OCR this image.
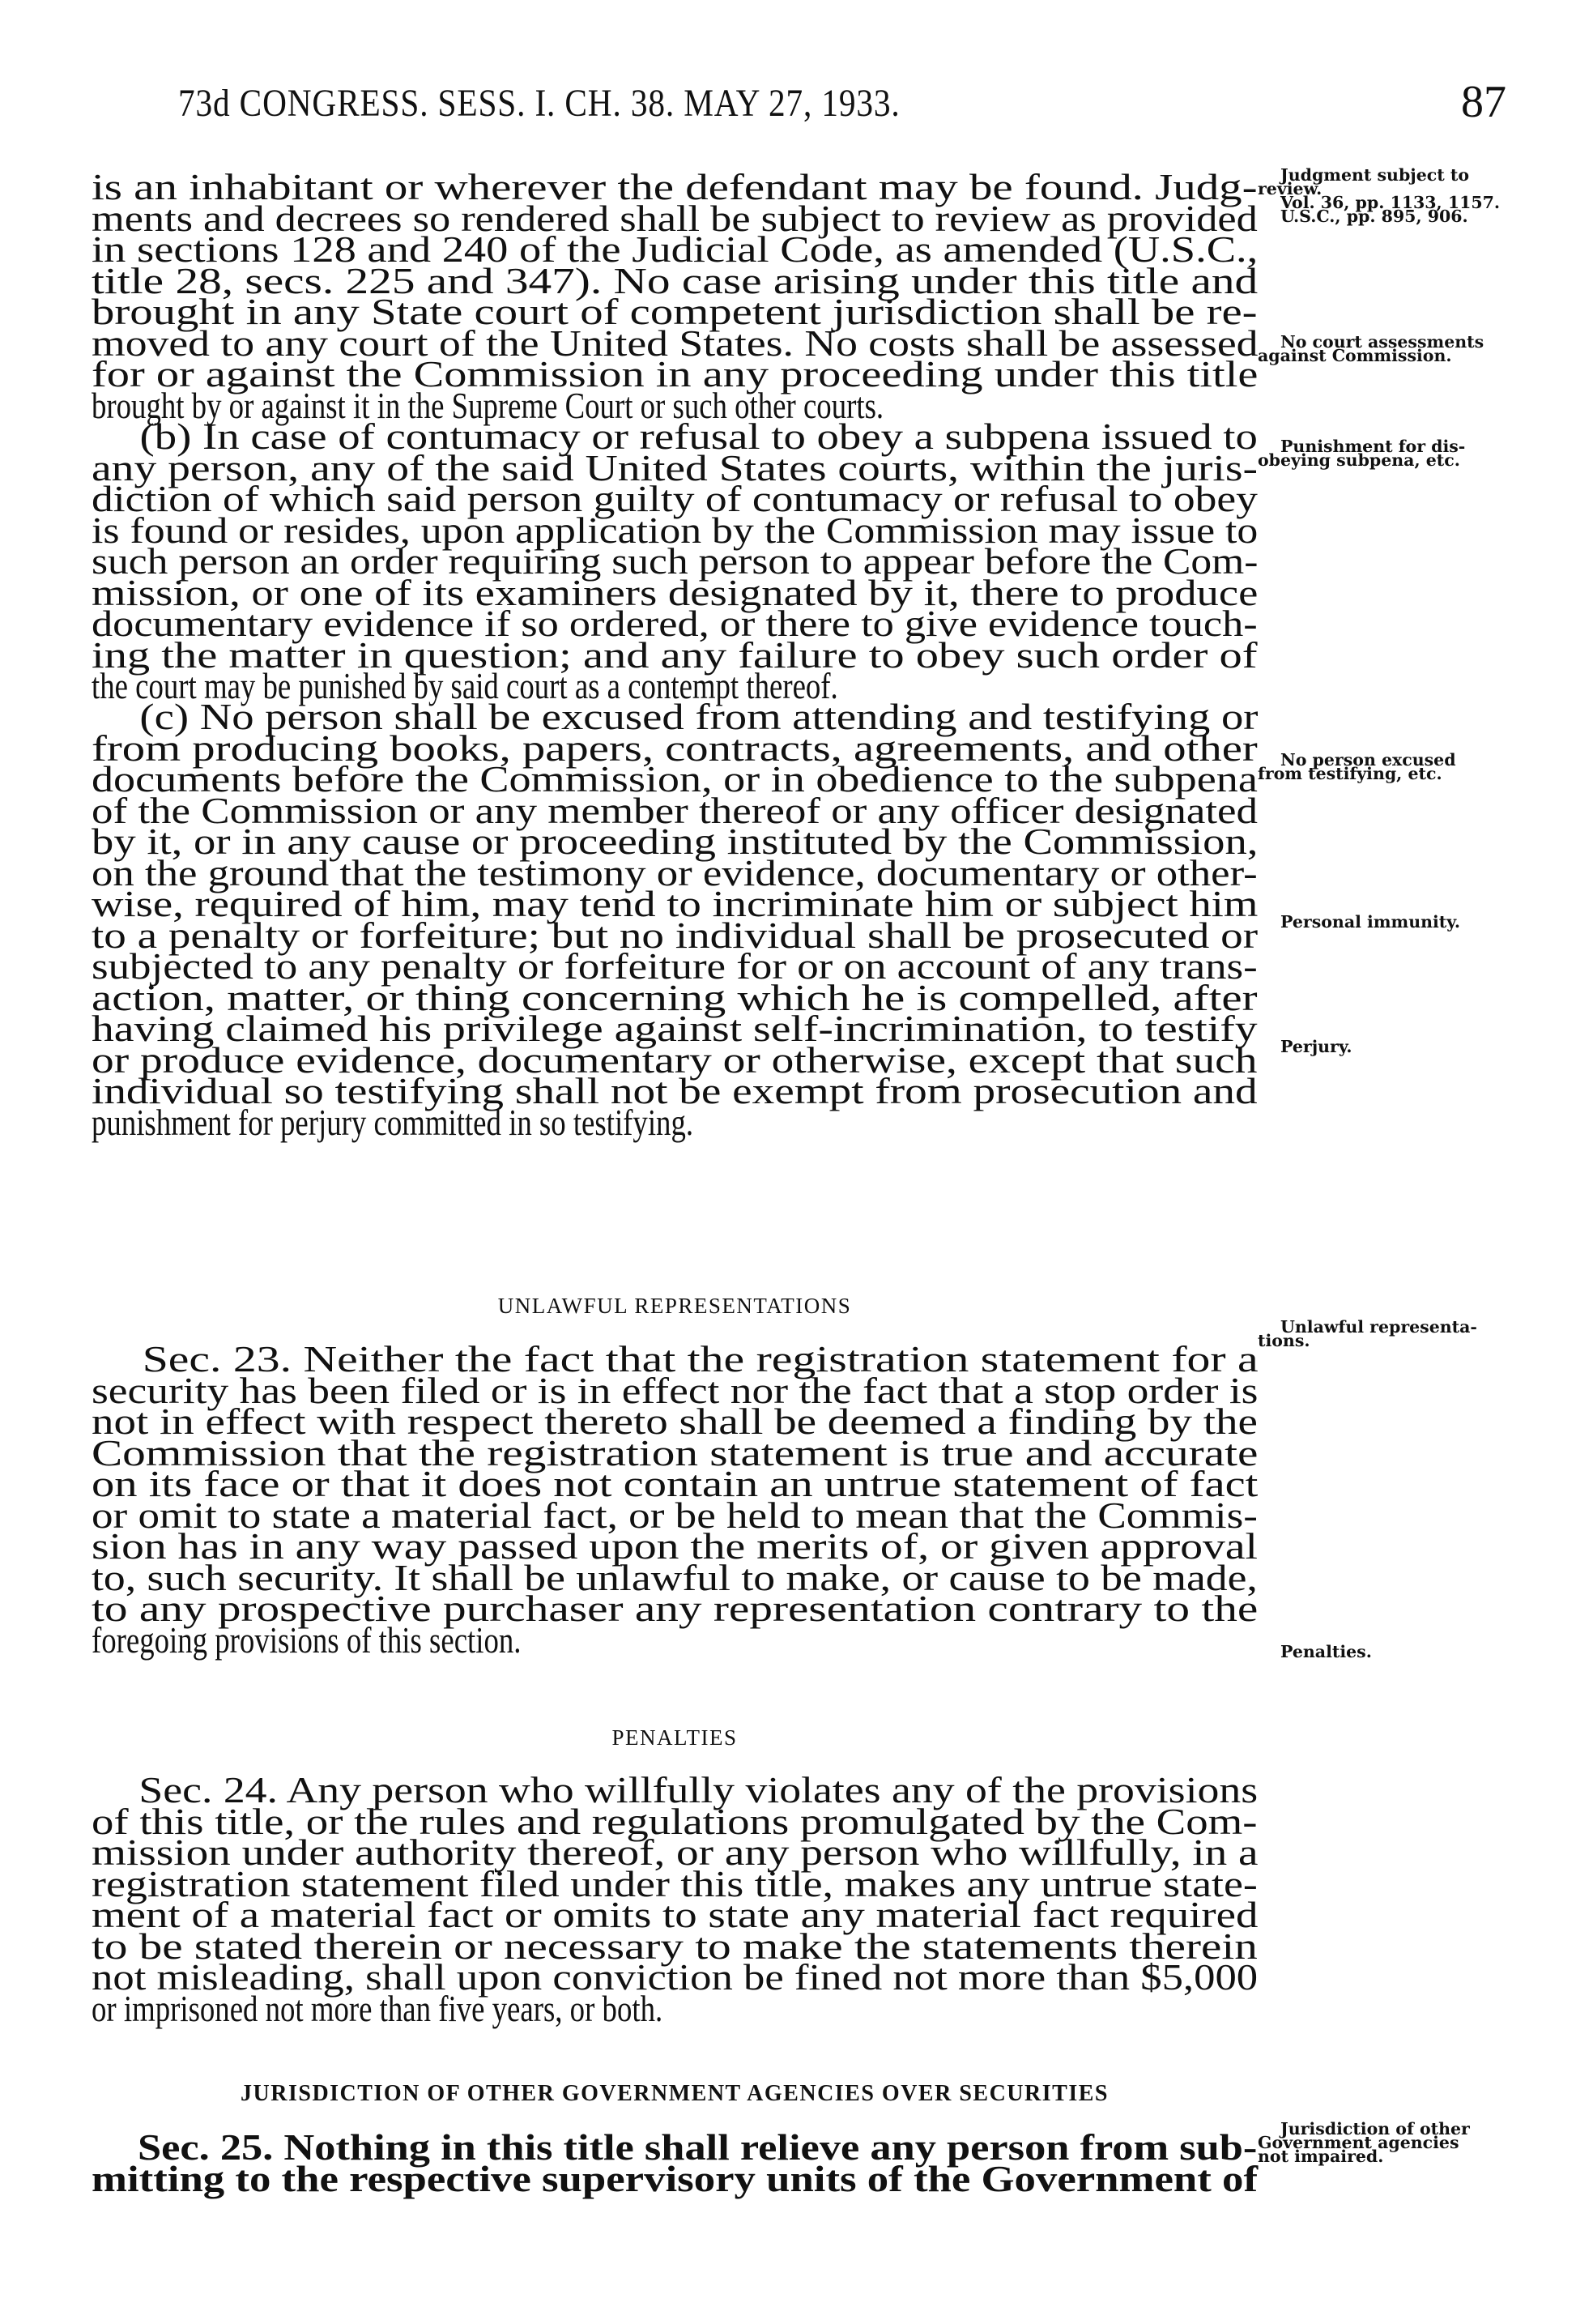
73d CONGRESS. SESS. I. CH. 38. MAY 27, 1933.	87
is an inhabitant or wherever the defendant may be found. Judg-
ments and decrees so rendered shall be subject to review as provided
in sections 128 and 240 of the Judicial Code, as amended (U.S.C.,
title 28, secs. 225 and 347). No case arising under this title and
brought in any State court of competent jurisdiction shall be re-
moved to any court of the United States. No costs shall be assessed
for or against the Commission in any proceeding under this title
brought by or against it in the Supreme Court or such other courts.
(b) In case of contumacy or refusal to obey a subpena issued to
any person, any of the said United States courts, within the juris-
diction of which said person guilty of contumacy or refusal to obey
is found or resides, upon application by the Commission may issue to
such person an order requiring such person to appear before the Com-
mission, or one of its examiners designated by it, there to produce
documentary evidence if so ordered, or there to give evidence touch-
ing the matter in question; and any failure to obey such order of
the court may be punished by said court as a contempt thereof.
(c) No person shall be excused from attending and testifying or
from producing books, papers, contracts, agreements, and other
documents before the Commission, or in obedience to the subpena
of the Commission or any member thereof or any officer designated
by it, or in any cause or proceeding instituted by the Commission,
on the ground that the testimony or evidence, documentary or other-
wise, required of him, may tend to incriminate him or subject him
to a penalty or forfeiture; but no individual shall be prosecuted or
subjected to any penalty or forfeiture for or on account of any trans-
action, matter, or thing concerning which he is compelled, after
having claimed his privilege against self-incrimination, to testify
or produce evidence, documentary or otherwise, except that such
individual so testifying shall not be exempt from prosecution and
punishment for perjury committed in so testifying.
UNLAWFUL REPRESENTATIONS
Sec. 23. Neither the fact that the registration statement for a
security has been filed or is in effect nor the fact that a stop order is
not in effect with respect thereto shall be deemed a finding by the
Commission that the registration statement is true and accurate
on its face or that it does not contain an untrue statement of fact
or omit to state a material fact, or be held to mean that the Commis-
sion has in any way passed upon the merits of, or given approval
to, such security. It shall be unlawful to make, or cause to be made,
to any prospective purchaser any representation contrary to the
foregoing provisions of this section.
PENALTIES
Sec. 24. Any person who willfully violates any of the provisions
of this title, or the rules and regulations promulgated by the Com-
mission under authority thereof, or any person who willfully, in a
registration statement filed under this title, makes any untrue state-
ment of a material fact or omits to state any material fact required
to be stated therein or necessary to make the statements therein
not misleading, shall upon conviction be fined not more than $5,000
or imprisoned not more than five years, or both.
JURISDICTION OF OTHER GOVERNMENT AGENCIES OVER SECURITIES
Sec. 25. Nothing in this title shall relieve any person from sub-
mitting to the respective supervisory units of the Government of
Judgment subject to
review.
Vol. 36, pp. 1133, 1157.
U.S.C., pp. 895, 906.
No court assessments
against Commission.
Punishment for dis-
obeying subpena, etc.
No person excused
from testifying, etc.
Personal immunity.
Perjury.
Unlawful representa-
tions.
Penalties.
Jurisdiction of other
Government agencies
not impaired.
